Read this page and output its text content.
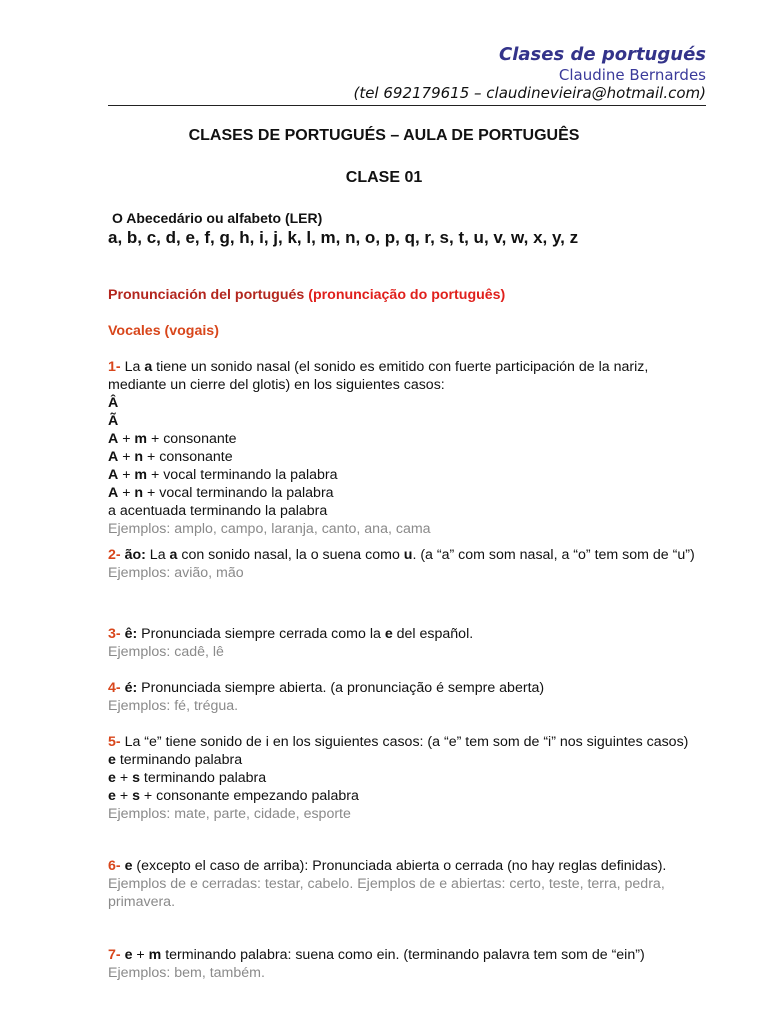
Clases de portugués
Claudine Bernardes
(tel 692179615 – claudinevieira@hotmail.com)
CLASES DE PORTUGUÉS – AULA DE PORTUGUÊS
CLASE 01
O Abecedário ou alfabeto (LER)
a, b, c, d, e, f, g, h, i, j, k, l, m, n, o, p, q, r, s, t, u, v, w, x, y, z
Pronunciación del portugués (pronunciação do português)
Vocales (vogais)
1- La a tiene un sonido nasal (el sonido es emitido con fuerte participación de la nariz, mediante un cierre del glotis) en los siguientes casos:
Â
Ã
A + m + consonante
A + n + consonante
A + m + vocal terminando la palabra
A + n + vocal terminando la palabra
a acentuada terminando la palabra
Ejemplos: amplo, campo, laranja, canto, ana, cama
2- ão: La a con sonido nasal, la o suena como u. (a “a” com som nasal, a “o” tem som de “u”)
Ejemplos: avião, mão
3- ê: Pronunciada siempre cerrada como la e del español.
Ejemplos: cadê, lê
4- é: Pronunciada siempre abierta. (a pronunciação é sempre aberta)
Ejemplos: fé, trégua.
5- La “e” tiene sonido de i en los siguientes casos: (a “e” tem som de “i” nos siguintes casos)
e terminando palabra
e + s terminando palabra
e + s + consonante empezando palabra
Ejemplos: mate, parte, cidade, esporte
6- e (excepto el caso de arriba): Pronunciada abierta o cerrada (no hay reglas definidas).
Ejemplos de e cerradas: testar, cabelo. Ejemplos de e abiertas: certo, teste, terra, pedra, primavera.
7- e + m terminando palabra: suena como ein. (terminando palavra tem som de “ein”)
Ejemplos: bem, também.
